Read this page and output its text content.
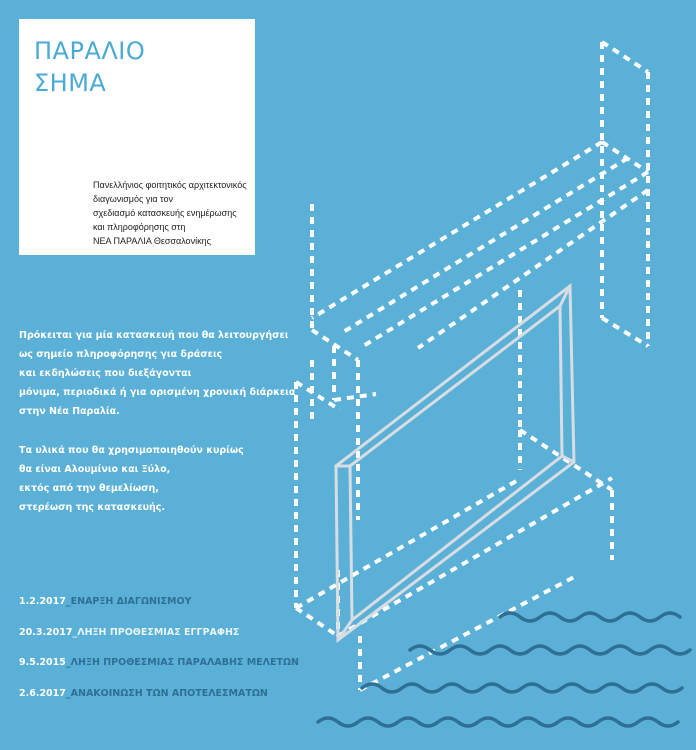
ΠΑΡΑΛΙΟ
ΣΗΜΑ
Πανελλήνιος φοιτητικός αρχιτεκτονικός
διαγωνισμός για τον
σχεδιασμό κατασκευής ενημέρωσης
και πληροφόρησης στη
ΝΕΑ ΠΑΡΑΛΙΑ Θεσσαλονίκης
Πρόκειται για μία κατασκευή που θα λειτουργήσει
ως σημείο πληροφόρησης για δράσεις
και εκδηλώσεις που διεξάγονται
μόνιμα, περιοδικά ή για ορισμένη χρονική διάρκεια
στην Νέα Παραλία.
Τα υλικά που θα χρησιμοποιηθούν κυρίως
θα είναι Αλουμίνιο και Ξύλο,
εκτός από την θεμελίωση,
στερέωση της κατασκευής.
1.2.2017_ΕΝΑΡΞΗ ΔΙΑΓΩΝΙΣΜΟΥ
20.3.2017_ΛΗΞΗ ΠΡΟΘΕΣΜΙΑΣ ΕΓΓΡΑΦΗΣ
9.5.2015_ΛΗΞΗ ΠΡΟΘΕΣΜΙΑΣ ΠΑΡΑΛΑΒΗΣ ΜΕΛΕΤΩΝ
2.6.2017_ΑΝΑΚΟΙΝΩΣΗ ΤΩΝ ΑΠΟΤΕΛΕΣΜΑΤΩΝ
